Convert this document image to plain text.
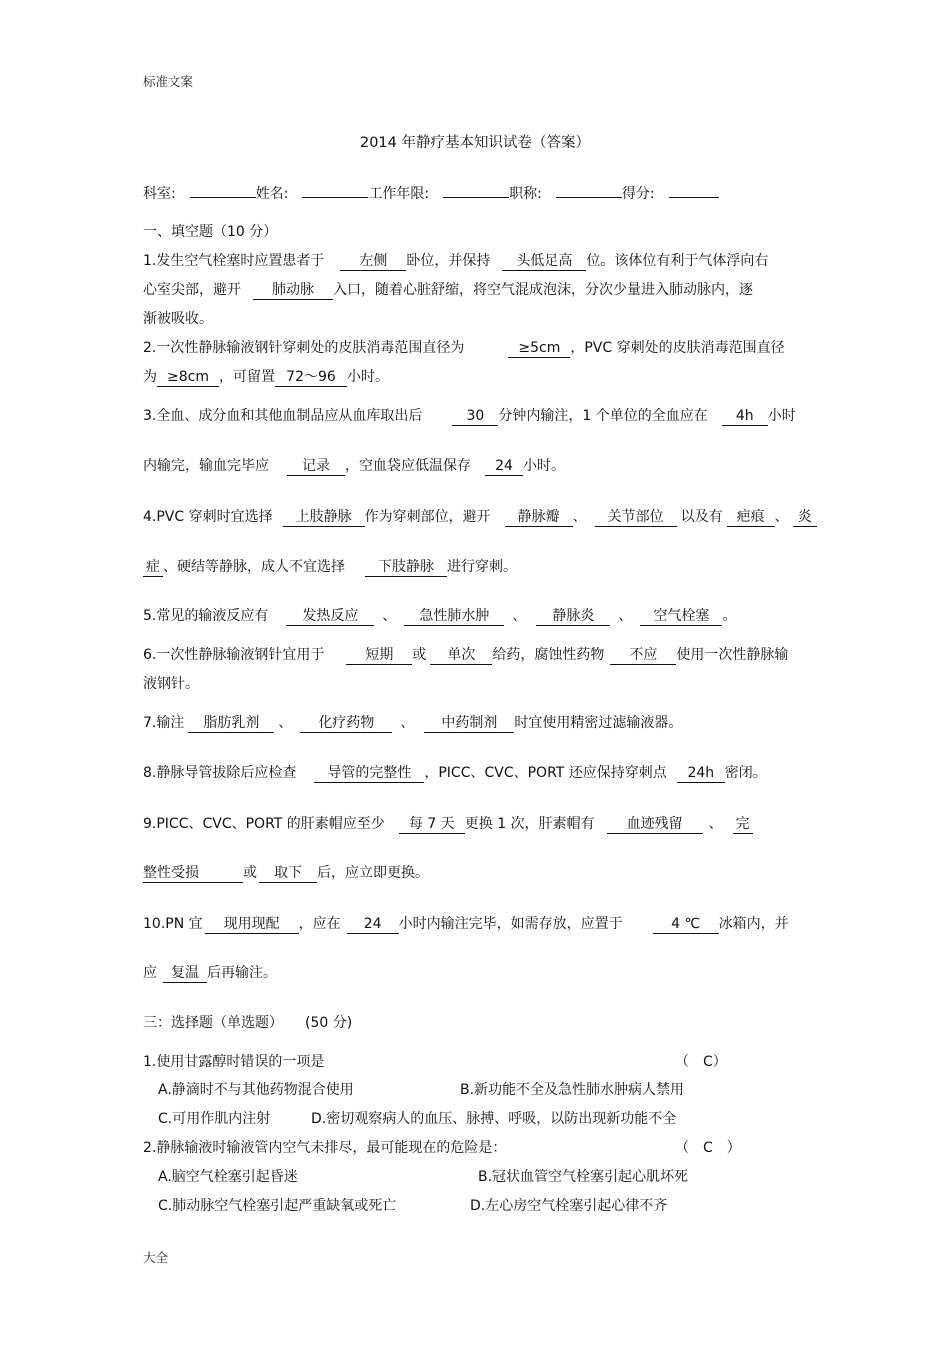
标准文案
2014 年静疗基本知识试卷（答案）
科室:	姓名:	工作年限:	职称:	得分:
一、填空题（10 分）
1.发生空气栓塞时应置患者于	左侧 卧位，并保持 头低足高 位。该体位有利于气体浮向右
心室尖部，避开 肺动脉 入口，随着心脏舒缩，将空气混成泡沫，分次少量进入肺动脉内，逐
渐被吸收。
2.一次性静脉输液钢针穿刺处的皮肤消毒范围直径为	≥5cm ，PVC 穿刺处的皮肤消毒范围直径
为 ≥8cm ，可留置 72～96 小时。
3.全血、成分血和其他血制品应从血库取出后	30 分钟内输注，1 个单位的全血应在 4h 小时
内输完，输血完毕应 记录 ，空血袋应低温保存 24 小时。
4.PVC 穿刺时宜选择 上肢静脉 作为穿刺部位，避开 静脉瓣 、 关节部位 以及有 疤痕 、 炎
症 、硬结等静脉，成人不宜选择 下肢静脉 进行穿刺。
5.常见的输液反应有 发热反应 、 急性肺水肿 、 静脉炎 、 空气栓塞 。
6.一次性静脉输液钢针宜用于	短期 或 单次 给药，腐蚀性药物 不应 使用一次性静脉输
液钢针。
7.输注 脂肪乳剂 、 化疗药物 、 中药制剂 时宜使用精密过滤输液器。
8.静脉导管拔除后应检查 导管的完整性 ，PICC、CVC、PORT 还应保持穿刺点 24h 密闭。
9.PICC、CVC、PORT 的肝素帽应至少 每 7 天 更换 1 次，肝素帽有 血迹残留 、 完
整性受损	或 取下 后，应立即更换。
10.PN 宜 现用现配 ，应在 24 小时内输注完毕，如需存放，应置于	4 ℃ 冰箱内，并
应 复温 后再输注。
三：选择题（单选题） (50 分)
1.使用甘露醇时错误的一项是	（　C）
A.静滴时不与其他药物混合使用	B.新功能不全及急性肺水肿病人禁用
C.可用作肌内注射	D.密切观察病人的血压、脉搏、呼吸，以防出现新功能不全
2.静脉输液时输液管内空气未排尽，最可能现在的危险是：	（　C　）
A.脑空气栓塞引起昏迷	B.冠状血管空气栓塞引起心肌坏死
C.肺动脉空气栓塞引起严重缺氧或死亡	D.左心房空气栓塞引起心律不齐
大全
